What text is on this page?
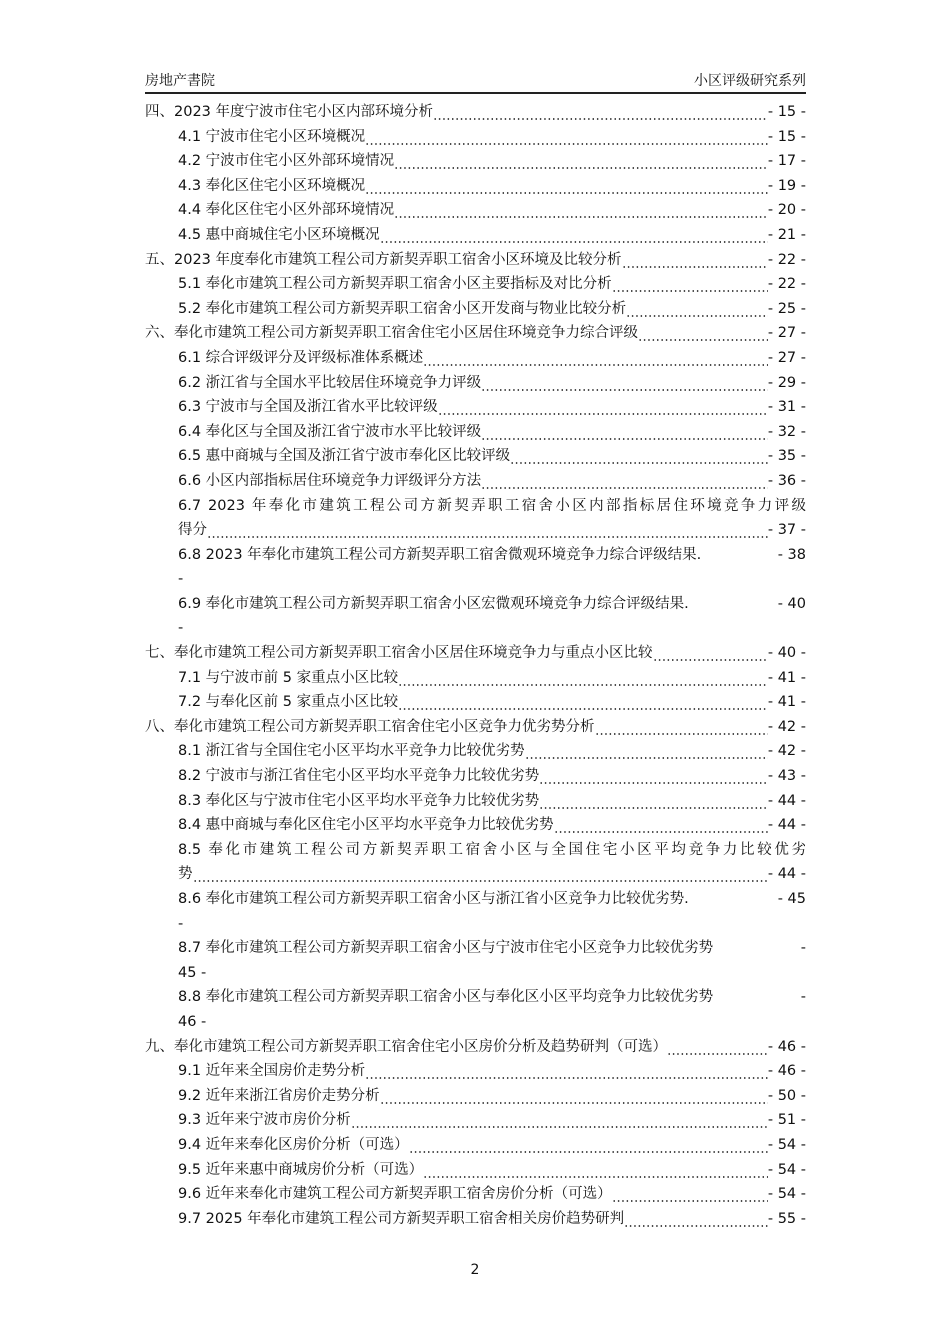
房地产書院	小区评级研究系列
四、2023 年度宁波市住宅小区内部环境分析	- 15 -
4.1 宁波市住宅小区环境概况	- 15 -
4.2 宁波市住宅小区外部环境情况	- 17 -
4.3 奉化区住宅小区环境概况	- 19 -
4.4 奉化区住宅小区外部环境情况	- 20 -
4.5 惠中商城住宅小区环境概况	- 21 -
五、2023 年度奉化市建筑工程公司方新契弄职工宿舍小区环境及比较分析	- 22 -
5.1 奉化市建筑工程公司方新契弄职工宿舍小区主要指标及对比分析	- 22 -
5.2 奉化市建筑工程公司方新契弄职工宿舍小区开发商与物业比较分析	- 25 -
六、奉化市建筑工程公司方新契弄职工宿舍住宅小区居住环境竞争力综合评级	- 27 -
6.1 综合评级评分及评级标准体系概述	- 27 -
6.2 浙江省与全国水平比较居住环境竞争力评级	- 29 -
6.3 宁波市与全国及浙江省水平比较评级	- 31 -
6.4 奉化区与全国及浙江省宁波市水平比较评级	- 32 -
6.5 惠中商城与全国及浙江省宁波市奉化区比较评级	- 35 -
6.6 小区内部指标居住环境竞争力评级评分方法	- 36 -
6.7 2023 年奉化市建筑工程公司方新契弄职工宿舍小区内部指标居住环境竞争力评级
得分	- 37 -
6.8 2023 年奉化市建筑工程公司方新契弄职工宿舍微观环境竞争力综合评级结果.	- 38
-
6.9 奉化市建筑工程公司方新契弄职工宿舍小区宏微观环境竞争力综合评级结果.	- 40
-
七、奉化市建筑工程公司方新契弄职工宿舍小区居住环境竞争力与重点小区比较	- 40 -
7.1 与宁波市前 5 家重点小区比较	- 41 -
7.2 与奉化区前 5 家重点小区比较	- 41 -
八、奉化市建筑工程公司方新契弄职工宿舍住宅小区竞争力优劣势分析	- 42 -
8.1 浙江省与全国住宅小区平均水平竞争力比较优劣势	- 42 -
8.2 宁波市与浙江省住宅小区平均水平竞争力比较优劣势	- 43 -
8.3 奉化区与宁波市住宅小区平均水平竞争力比较优劣势	- 44 -
8.4 惠中商城与奉化区住宅小区平均水平竞争力比较优劣势	- 44 -
8.5 奉化市建筑工程公司方新契弄职工宿舍小区与全国住宅小区平均竞争力比较优劣
势	- 44 -
8.6 奉化市建筑工程公司方新契弄职工宿舍小区与浙江省小区竞争力比较优劣势.	- 45
-
8.7 奉化市建筑工程公司方新契弄职工宿舍小区与宁波市住宅小区竞争力比较优劣势	-
45 -
8.8 奉化市建筑工程公司方新契弄职工宿舍小区与奉化区小区平均竞争力比较优劣势	-
46 -
九、奉化市建筑工程公司方新契弄职工宿舍住宅小区房价分析及趋势研判（可选）	- 46 -
9.1 近年来全国房价走势分析	- 46 -
9.2 近年来浙江省房价走势分析	- 50 -
9.3 近年来宁波市房价分析	- 51 -
9.4 近年来奉化区房价分析（可选）	- 54 -
9.5 近年来惠中商城房价分析（可选）	- 54 -
9.6 近年来奉化市建筑工程公司方新契弄职工宿舍房价分析（可选）	- 54 -
9.7 2025 年奉化市建筑工程公司方新契弄职工宿舍相关房价趋势研判	- 55 -
2
